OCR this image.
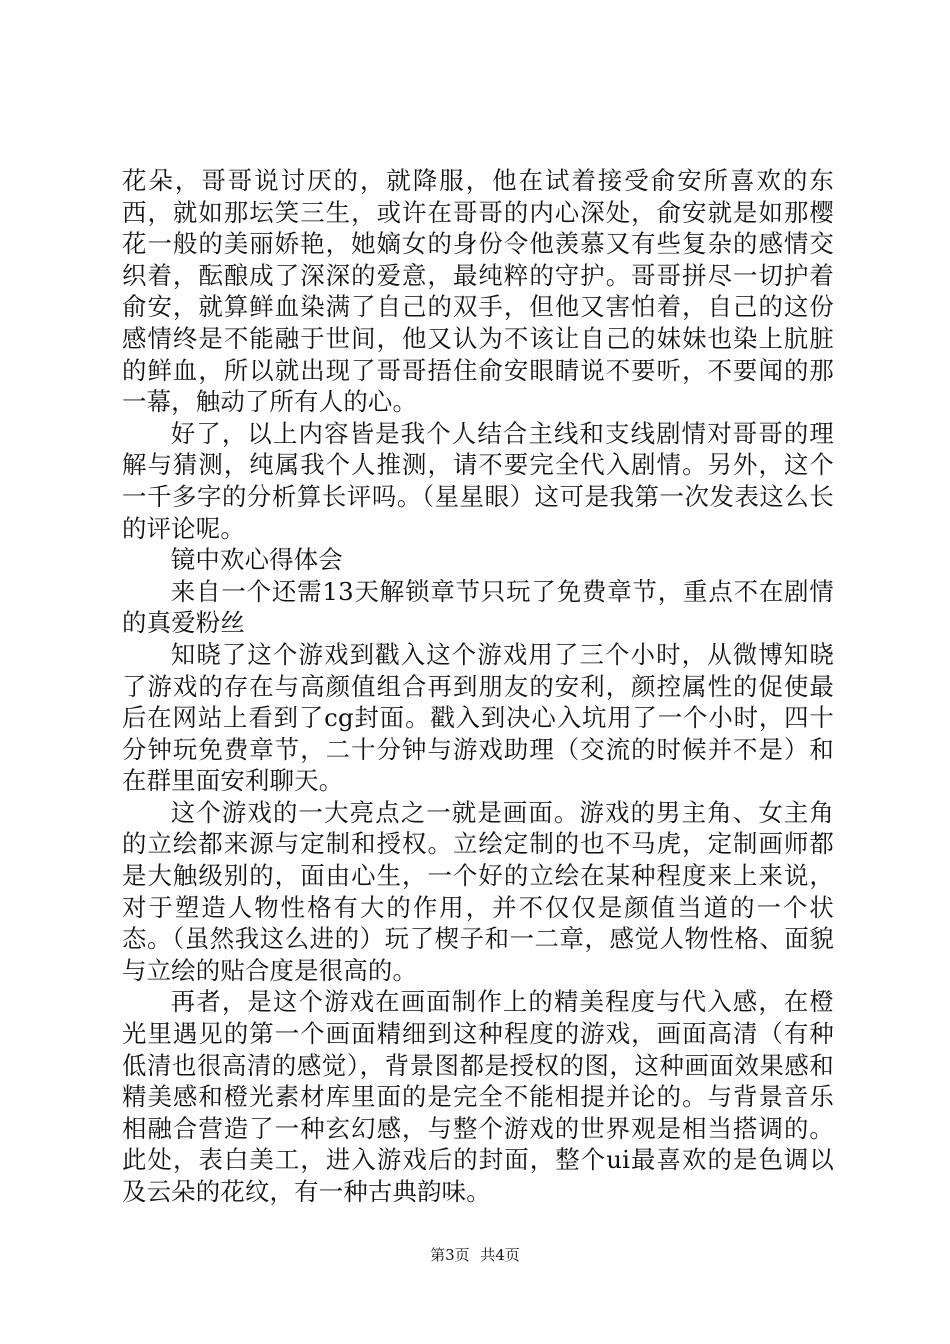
花朵，哥哥说讨厌的，就降服，他在试着接受俞安所喜欢的东西，就如那坛笑三生，或许在哥哥的内心深处，俞安就是如那樱花一般的美丽娇艳，她嫡女的身份令他羡慕又有些复杂的感情交织着，酝酿成了深深的爱意，最纯粹的守护。哥哥拼尽一切护着俞安，就算鲜血染满了自己的双手，但他又害怕着，自己的这份感情终是不能融于世间，他又认为不该让自己的妹妹也染上肮脏的鲜血，所以就出现了哥哥捂住俞安眼睛说不要听，不要闻的那一幕，触动了所有人的心。

好了，以上内容皆是我个人结合主线和支线剧情对哥哥的理解与猜测，纯属我个人推测，请不要完全代入剧情。另外，这个一千多字的分析算长评吗。（星星眼）这可是我第一次发表这么长的评论呢。

镜中欢心得体会

来自一个还需13天解锁章节只玩了免费章节，重点不在剧情的真爱粉丝

知晓了这个游戏到戳入这个游戏用了三个小时，从微博知晓了游戏的存在与高颜值组合再到朋友的安利，颜控属性的促使最后在网站上看到了cg封面。戳入到决心入坑用了一个小时，四十分钟玩免费章节，二十分钟与游戏助理（交流的时候并不是）和在群里面安利聊天。

这个游戏的一大亮点之一就是画面。游戏的男主角、女主角的立绘都来源与定制和授权。立绘定制的也不马虎，定制画师都是大触级别的，面由心生，一个好的立绘在某种程度来上来说，对于塑造人物性格有大的作用，并不仅仅是颜值当道的一个状态。（虽然我这么进的）玩了楔子和一二章，感觉人物性格、面貌与立绘的贴合度是很高的。

再者，是这个游戏在画面制作上的精美程度与代入感，在橙光里遇见的第一个画面精细到这种程度的游戏，画面高清（有种低清也很高清的感觉），背景图都是授权的图，这种画面效果感和精美感和橙光素材库里面的是完全不能相提并论的。与背景音乐相融合营造了一种玄幻感，与整个游戏的世界观是相当搭调的。此处，表白美工，进入游戏后的封面，整个ui最喜欢的是色调以及云朵的花纹，有一种古典韵味。

第3页 共4页
